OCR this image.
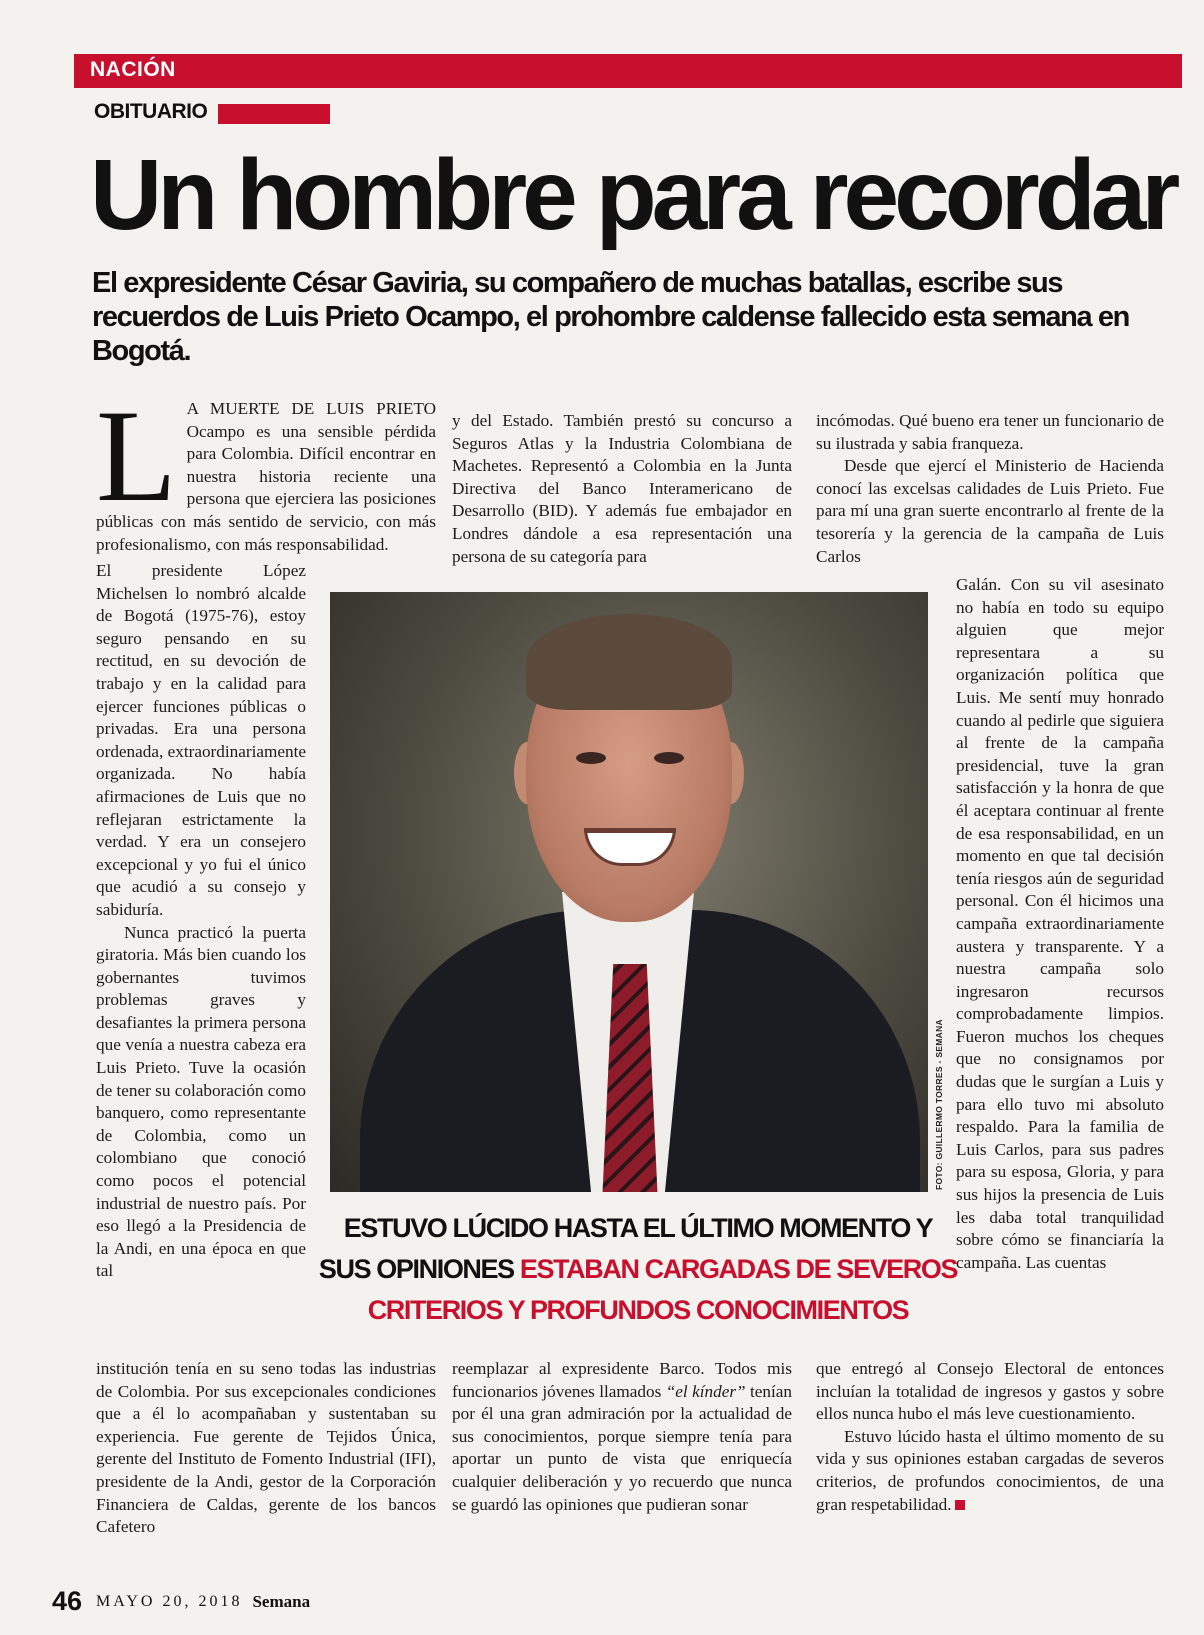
NACIÓN
OBITUARIO
Un hombre para recordar
El expresidente César Gaviria, su compañero de muchas batallas, escribe sus recuerdos de Luis Prieto Ocampo, el prohombre caldense fallecido esta semana en Bogotá.
L A MUERTE DE LUIS PRIETO Ocampo es una sensible pérdida para Colombia. Difícil encontrar en nuestra historia reciente una persona que ejerciera las posiciones públicas con más sentido de servicio, con más profesionalismo, con más responsabilidad.

El presidente López Michelsen lo nombró alcalde de Bogotá (1975-76), estoy seguro pensando en su rectitud, en su devoción de trabajo y en la calidad para ejercer funciones públicas o privadas. Era una persona ordenada, extraordinariamente organizada. No había afirmaciones de Luis que no reflejaran estrictamente la verdad. Y era un consejero excepcional y yo fui el único que acudió a su consejo y sabiduría.

Nunca practicó la puerta giratoria. Más bien cuando los gobernantes tuvimos problemas graves y desafiantes la primera persona que venía a nuestra cabeza era Luis Prieto. Tuve la ocasión de tener su colaboración como banquero, como representante de Colombia, como un colombiano que conoció como pocos el potencial industrial de nuestro país. Por eso llegó a la Presidencia de la Andi, en una época en que tal

institución tenía en su seno todas las industrias de Colombia. Por sus excepcionales condiciones que a él lo acompañaban y sustentaban su experiencia. Fue gerente de Tejidos Única, gerente del Instituto de Fomento Industrial (IFI), presidente de la Andi, gestor de la Corporación Financiera de Caldas, gerente de los bancos Cafetero

y del Estado. También prestó su concurso a Seguros Atlas y la Industria Colombiana de Machetes. Representó a Colombia en la Junta Directiva del Banco Interamericano de Desarrollo (BID). Y además fue embajador en Londres dándole a esa representación una persona de su categoría para

reemplazar al expresidente Barco. Todos mis funcionarios jóvenes llamados “el kínder” tenían por él una gran admiración por la actualidad de sus conocimientos, porque siempre tenía para aportar un punto de vista que enriquecía cualquier deliberación y yo recuerdo que nunca se guardó las opiniones que pudieran sonar

incómodas. Qué bueno era tener un funcionario de su ilustrada y sabia franqueza.

Desde que ejercí el Ministerio de Hacienda conocí las excelsas calidades de Luis Prieto. Fue para mí una gran suerte encontrarlo al frente de la tesorería y la gerencia de la campaña de Luis Carlos

Galán. Con su vil asesinato no había en todo su equipo alguien que mejor representara a su organización política que Luis. Me sentí muy honrado cuando al pedirle que siguiera al frente de la campaña presidencial, tuve la gran satisfacción y la honra de que él aceptara continuar al frente de esa responsabilidad, en un momento en que tal decisión tenía riesgos aún de seguridad personal. Con él hicimos una campaña extraordinariamente austera y transparente. Y a nuestra campaña solo ingresaron recursos comprobadamente limpios. Fueron muchos los cheques que no consignamos por dudas que le surgían a Luis y para ello tuvo mi absoluto respaldo. Para la familia de Luis Carlos, para sus padres para su esposa, Gloria, y para sus hijos la presencia de Luis les daba total tranquilidad sobre cómo se financiaría la campaña. Las cuentas

que entregó al Consejo Electoral de entonces incluían la totalidad de ingresos y gastos y sobre ellos nunca hubo el más leve cuestionamiento.

Estuvo lúcido hasta el último momento de su vida y sus opiniones estaban cargadas de severos criterios, de profundos conocimientos, de una gran respetabilidad.

FOTO: GUILLERMO TORRES - SEMANA
ESTUVO LÚCIDO HASTA EL ÚLTIMO MOMENTO Y SUS OPINIONES ESTABAN CARGADAS DE SEVEROS CRITERIOS Y PROFUNDOS CONOCIMIENTOS
46 MAYO 20, 2018 Semana
